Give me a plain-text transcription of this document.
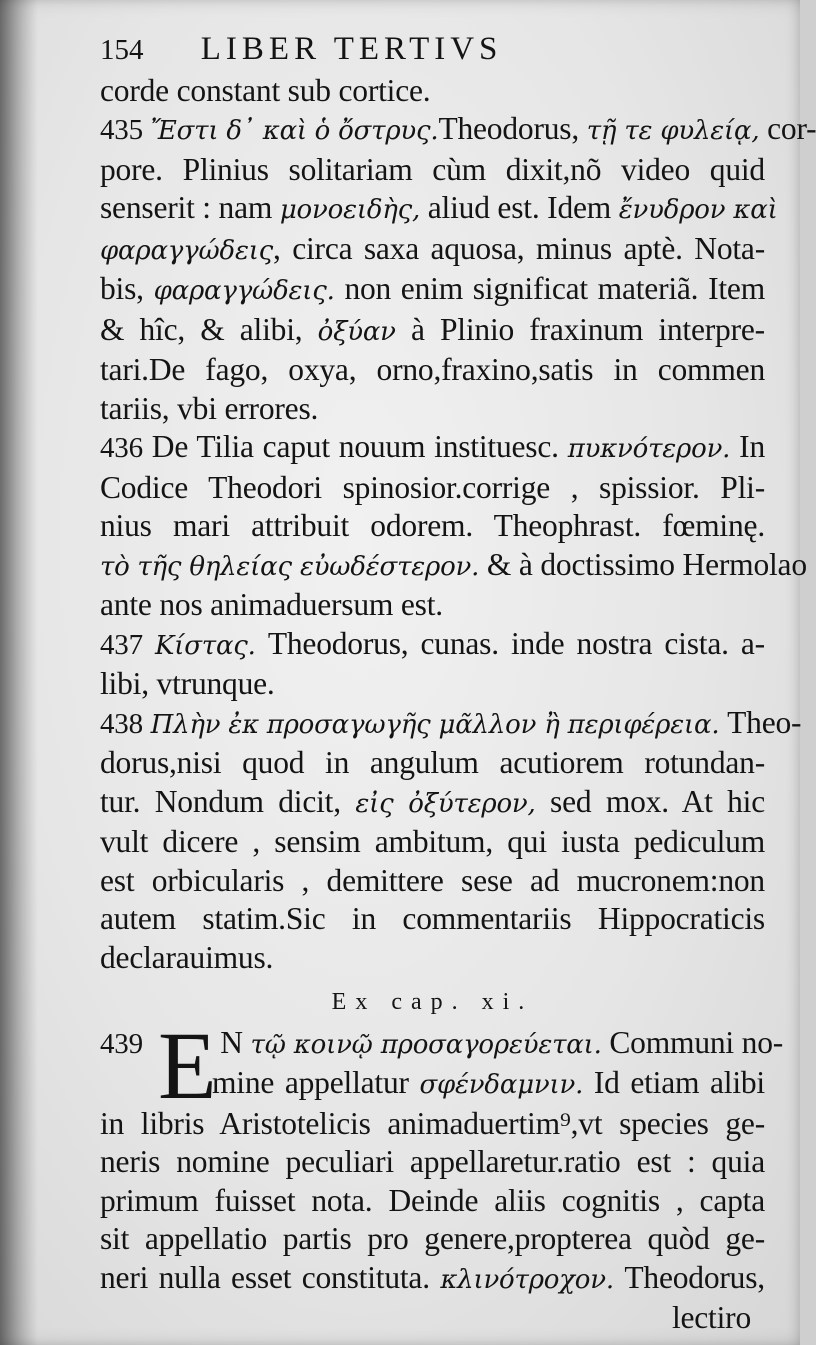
154 LIBER TERTIVS
corde constant sub cortice.
435 Ἔστι δ᾽ καὶ ὁ ὄστρυς.Theodorus, τῇ τε φυλείᾳ, cor-
pore. Plinius solitariam cùm dixit,nõ video quid
senserit : nam μονοειδὴς, aliud est. Idem ἔνυδρον καὶ
φαραγγώδεις, circa saxa aquosa, minus aptè. Nota-
bis, φαραγγώδεις. non enim significat materiã. Item
& hîc, & alibi, ὀξύαν à Plinio fraxinum interpre-
tari.De fago, oxya, orno,fraxino,satis in commen
tariis, vbi errores.
436 De Tilia caput nouum instituesc. πυκνότερον. In
Codice Theodori spinosior.corrige , spissior. Pli-
nius mari attribuit odorem. Theophrast. fœminę.
τὸ τῆς θηλείας εὐωδέστερον. & à doctissimo Hermolao
ante nos animaduersum est.
437 Κίστας. Theodorus, cunas. inde nostra cista. a-
libi, vtrunque.
438 Πλὴν ἐκ προσαγωγῆς μᾶλλον ἢ περιφέρεια. Theo-
dorus,nisi quod in angulum acutiorem rotundan-
tur. Nondum dicit, εἰς ὀξύτερον, sed mox. At hic
vult dicere , sensim ambitum, qui iusta pediculum
est orbicularis , demittere sese ad mucronem:non
autem statim.Sic in commentariis Hippocraticis
declarauimus.
Ex cap. xi.
E
439 N τῷ κοινῷ προσαγορεύεται. Communi no-
mine appellatur σφένδαμνιν. Id etiam alibi
in libris Aristotelicis animaduertim⁹,vt species ge-
neris nomine peculiari appellaretur.ratio est : quia
primum fuisset nota. Deinde aliis cognitis , capta
sit appellatio partis pro genere,propterea quòd ge-
neri nulla esset constituta. κλινότροχον. Theodorus,
lectiro
